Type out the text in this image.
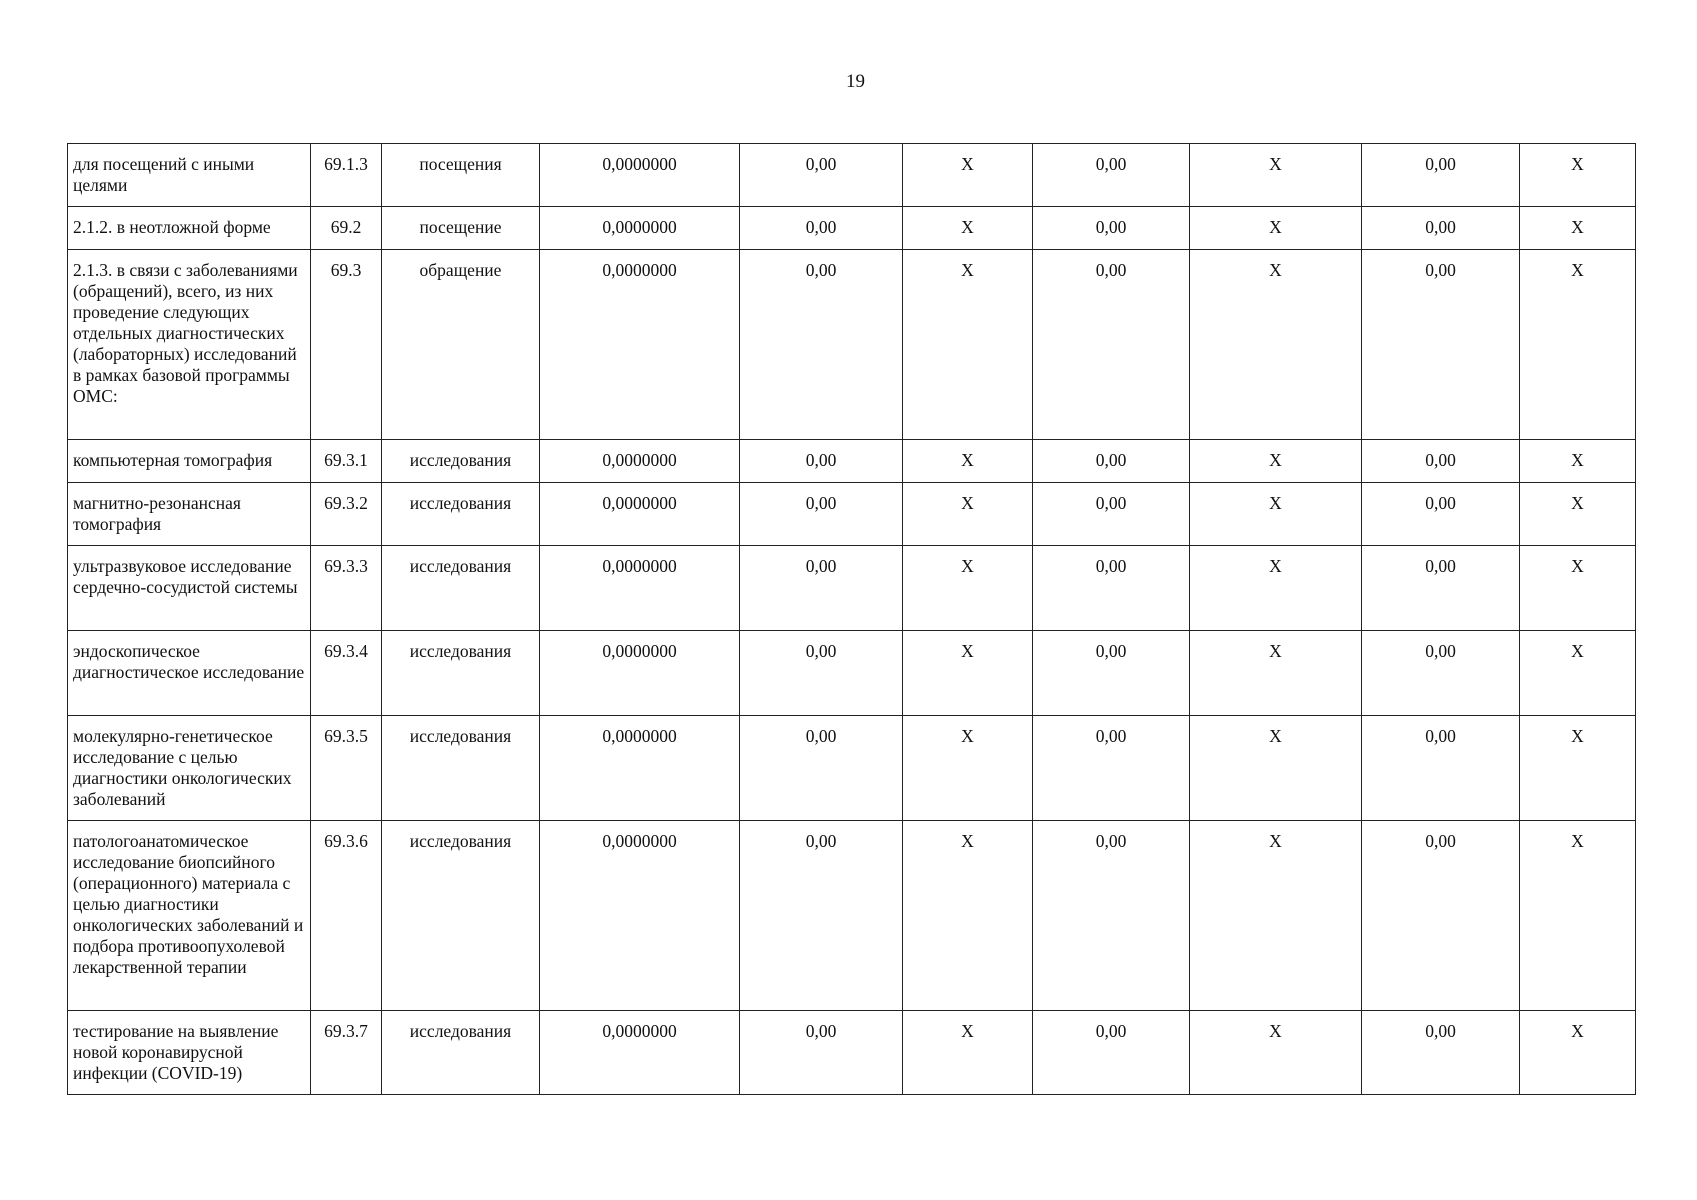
19
для посещений с иными целями	69.1.3	посещения	0,0000000	0,00	X	0,00	X	0,00	X
2.1.2. в неотложной форме	69.2	посещение	0,0000000	0,00	X	0,00	X	0,00	X
2.1.3. в связи с заболеваниями (обращений), всего, из них проведение следующих отдельных диагностических (лабораторных) исследований в рамках базовой программы ОМС:	69.3	обращение	0,0000000	0,00	X	0,00	X	0,00	X
компьютерная томография	69.3.1	исследования	0,0000000	0,00	X	0,00	X	0,00	X
магнитно-резонансная томография	69.3.2	исследования	0,0000000	0,00	X	0,00	X	0,00	X
ультразвуковое исследование сердечно-сосудистой системы	69.3.3	исследования	0,0000000	0,00	X	0,00	X	0,00	X
эндоскопическое диагностическое исследование	69.3.4	исследования	0,0000000	0,00	X	0,00	X	0,00	X
молекулярно-генетическое исследование с целью диагностики онкологических заболеваний	69.3.5	исследования	0,0000000	0,00	X	0,00	X	0,00	X
патологоанатомическое исследование биопсийного (операционного) материала с целью диагностики онкологических заболеваний и подбора противоопухолевой лекарственной терапии	69.3.6	исследования	0,0000000	0,00	X	0,00	X	0,00	X
тестирование на выявление новой коронавирусной инфекции (COVID-19)	69.3.7	исследования	0,0000000	0,00	X	0,00	X	0,00	X
